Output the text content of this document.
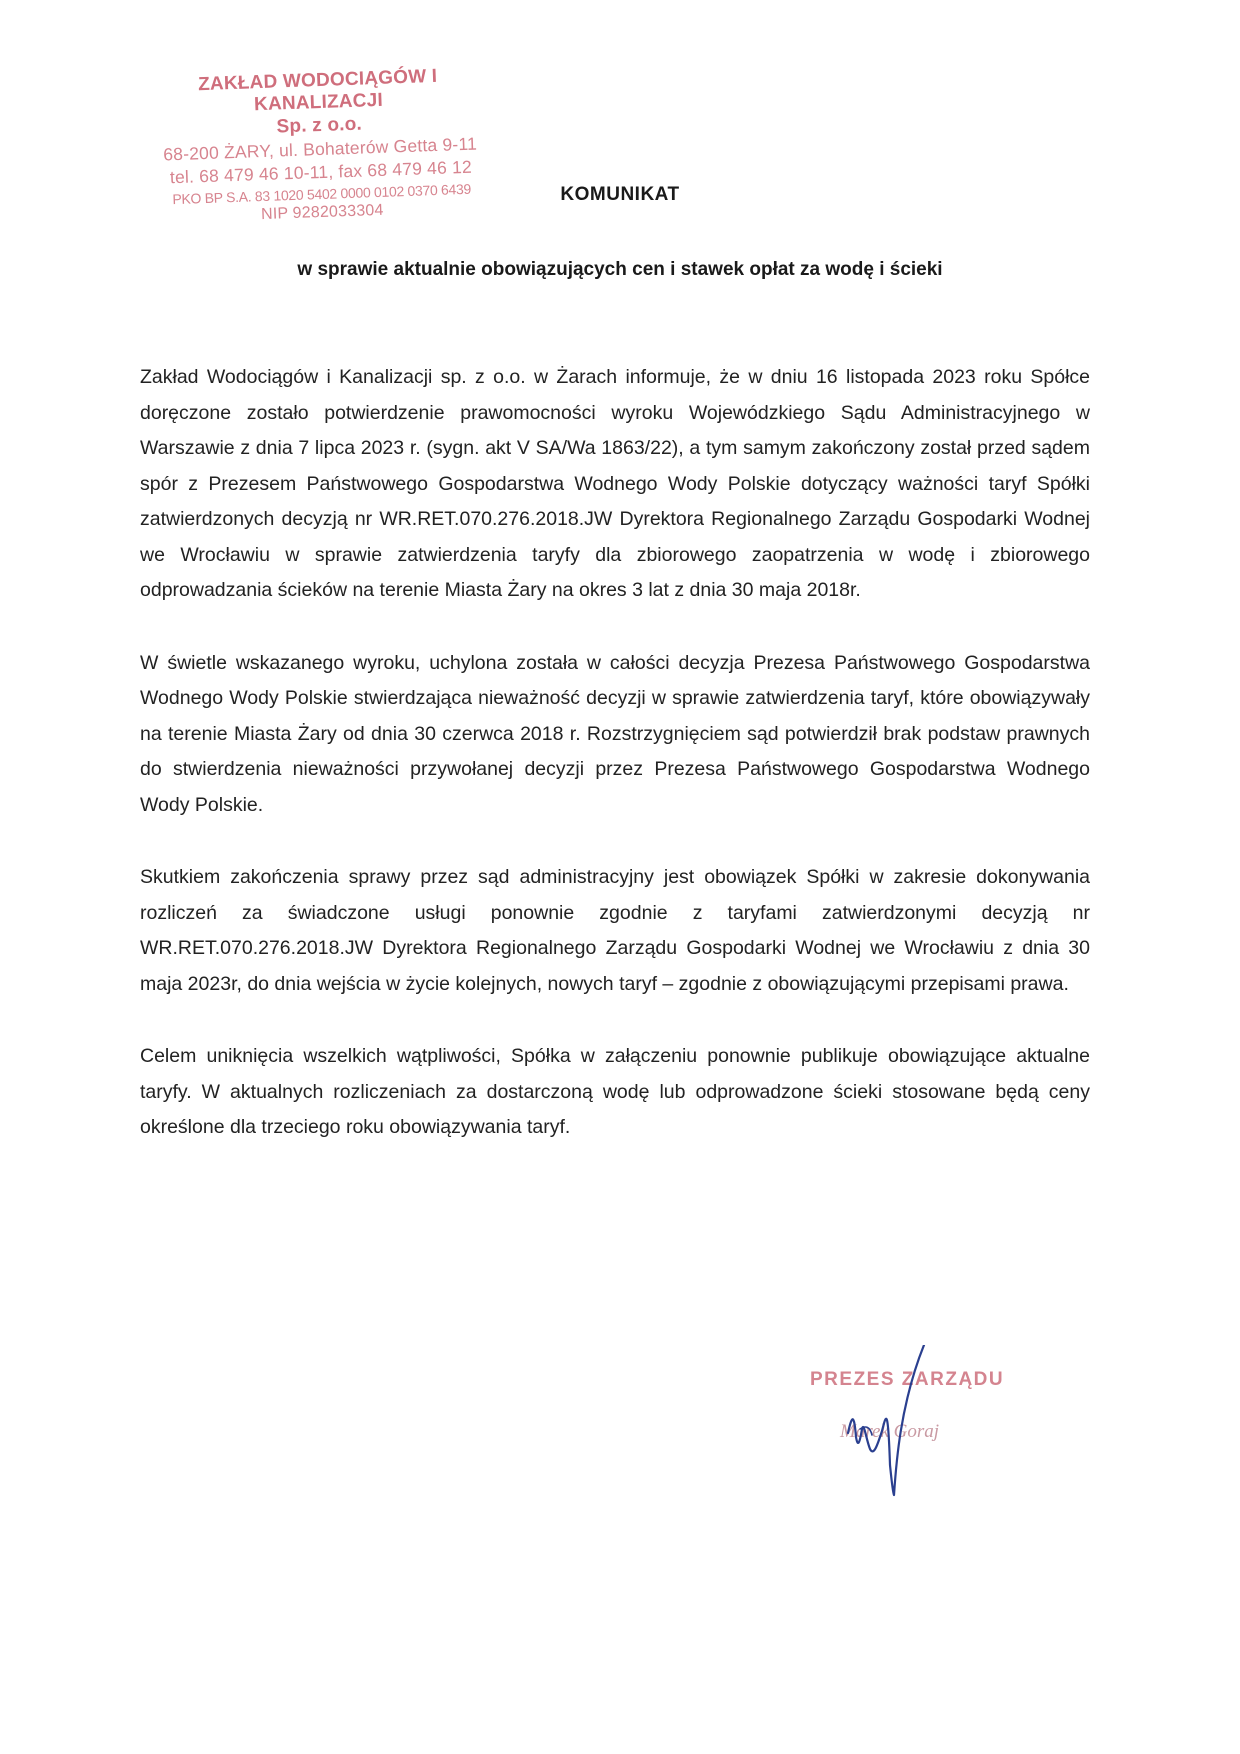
ZAKŁAD WODOCIĄGÓW I KANALIZACJI
Sp. z o.o.
68-200 ŻARY, ul. Bohaterów Getta 9-11
tel. 68 479 46 10-11, fax 68 479 46 12
PKO BP S.A. 83 1020 5402 0000 0102 0370 6439
NIP 9282033304
KOMUNIKAT
w sprawie aktualnie obowiązujących cen i stawek opłat za wodę i ścieki

Zakład Wodociągów i Kanalizacji sp. z o.o. w Żarach informuje, że w dniu 16 listopada 2023 roku Spółce doręczone zostało potwierdzenie prawomocności wyroku Wojewódzkiego Sądu Administracyjnego w Warszawie z dnia 7 lipca 2023 r. (sygn. akt V SA/Wa 1863/22), a tym samym zakończony został przed sądem spór z Prezesem Państwowego Gospodarstwa Wodnego Wody Polskie dotyczący ważności taryf Spółki zatwierdzonych decyzją nr WR.RET.070.276.2018.JW Dyrektora Regionalnego Zarządu Gospodarki Wodnej we Wrocławiu w sprawie zatwierdzenia taryfy dla zbiorowego zaopatrzenia w wodę i zbiorowego odprowadzania ścieków na terenie Miasta Żary na okres 3 lat z dnia 30 maja 2018r.

W świetle wskazanego wyroku, uchylona została w całości decyzja Prezesa Państwowego Gospodarstwa Wodnego Wody Polskie stwierdzająca nieważność decyzji w sprawie zatwierdzenia taryf, które obowiązywały na terenie Miasta Żary od dnia 30 czerwca 2018 r. Rozstrzygnięciem sąd potwierdził brak podstaw prawnych do stwierdzenia nieważności przywołanej decyzji przez Prezesa Państwowego Gospodarstwa Wodnego Wody Polskie.

Skutkiem zakończenia sprawy przez sąd administracyjny jest obowiązek Spółki w zakresie dokonywania rozliczeń za świadczone usługi ponownie zgodnie z taryfami zatwierdzonymi decyzją nr WR.RET.070.276.2018.JW Dyrektora Regionalnego Zarządu Gospodarki Wodnej we Wrocławiu z dnia 30 maja 2023r, do dnia wejścia w życie kolejnych, nowych taryf – zgodnie z obowiązującymi przepisami prawa.

Celem uniknięcia wszelkich wątpliwości, Spółka w załączeniu ponownie publikuje obowiązujące aktualne taryfy. W aktualnych rozliczeniach za dostarczoną wodę lub odprowadzone ścieki stosowane będą ceny określone dla trzeciego roku obowiązywania taryf.

PREZES ZARZĄDU
Marek Goraj
